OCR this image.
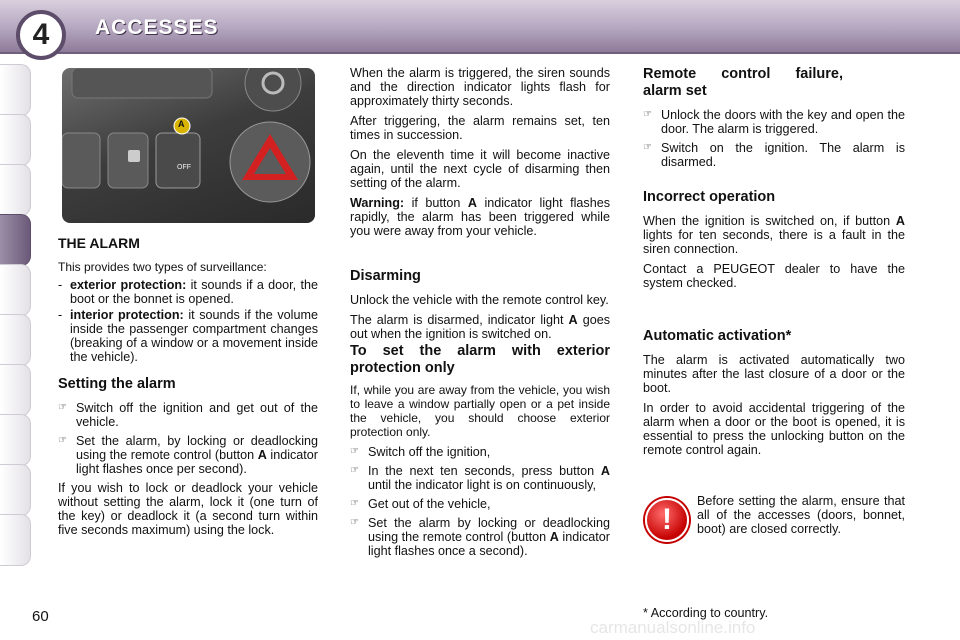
4	ACCESSES
A
OFF

THE ALARM

This provides two types of surveillance:

- exterior protection: it sounds if a door, the boot or the bonnet is opened.
- interior protection: it sounds if the volume inside the passenger compartment changes (breaking of a window or a movement inside the vehicle).

Setting the alarm

☞ Switch off the ignition and get out of the vehicle.
☞ Set the alarm, by locking or deadlocking using the remote control (button A indicator light flashes once per second).

If you wish to lock or deadlock your vehicle without setting the alarm, lock it (one turn of the key) or deadlock it (a second turn within five seconds maximum) using the lock.

When the alarm is triggered, the siren sounds and the direction indicator lights flash for approximately thirty seconds.

After triggering, the alarm remains set, ten times in succession.

On the eleventh time it will become inactive again, until the next cycle of disarming then setting of the alarm.

Warning: if button A indicator light flashes rapidly, the alarm has been triggered while you were away from your vehicle.

Disarming

Unlock the vehicle with the remote control key.

The alarm is disarmed, indicator light A goes out when the ignition is switched on.

To set the alarm with exterior protection only

If, while you are away from the vehicle, you wish to leave a window partially open or a pet inside the vehicle, you should choose exterior protection only.

☞ Switch off the ignition,
☞ In the next ten seconds, press button A until the indicator light is on continuously,
☞ Get out of the vehicle,
☞ Set the alarm by locking or deadlocking using the remote control (button A indicator light flashes once a second).

Remote control failure, alarm set

☞ Unlock the doors with the key and open the door. The alarm is triggered.
☞ Switch on the ignition. The alarm is disarmed.

Incorrect operation

When the ignition is switched on, if button A lights for ten seconds, there is a fault in the siren connection.

Contact a PEUGEOT dealer to have the system checked.

Automatic activation*

The alarm is activated automatically two minutes after the last closure of a door or the boot.

In order to avoid accidental triggering of the alarm when a door or the boot is opened, it is essential to press the unlocking button on the remote control again.

!
Before setting the alarm, ensure that all of the accesses (doors, bonnet, boot) are closed correctly.
60	* According to country.
carmanualsonline.info
